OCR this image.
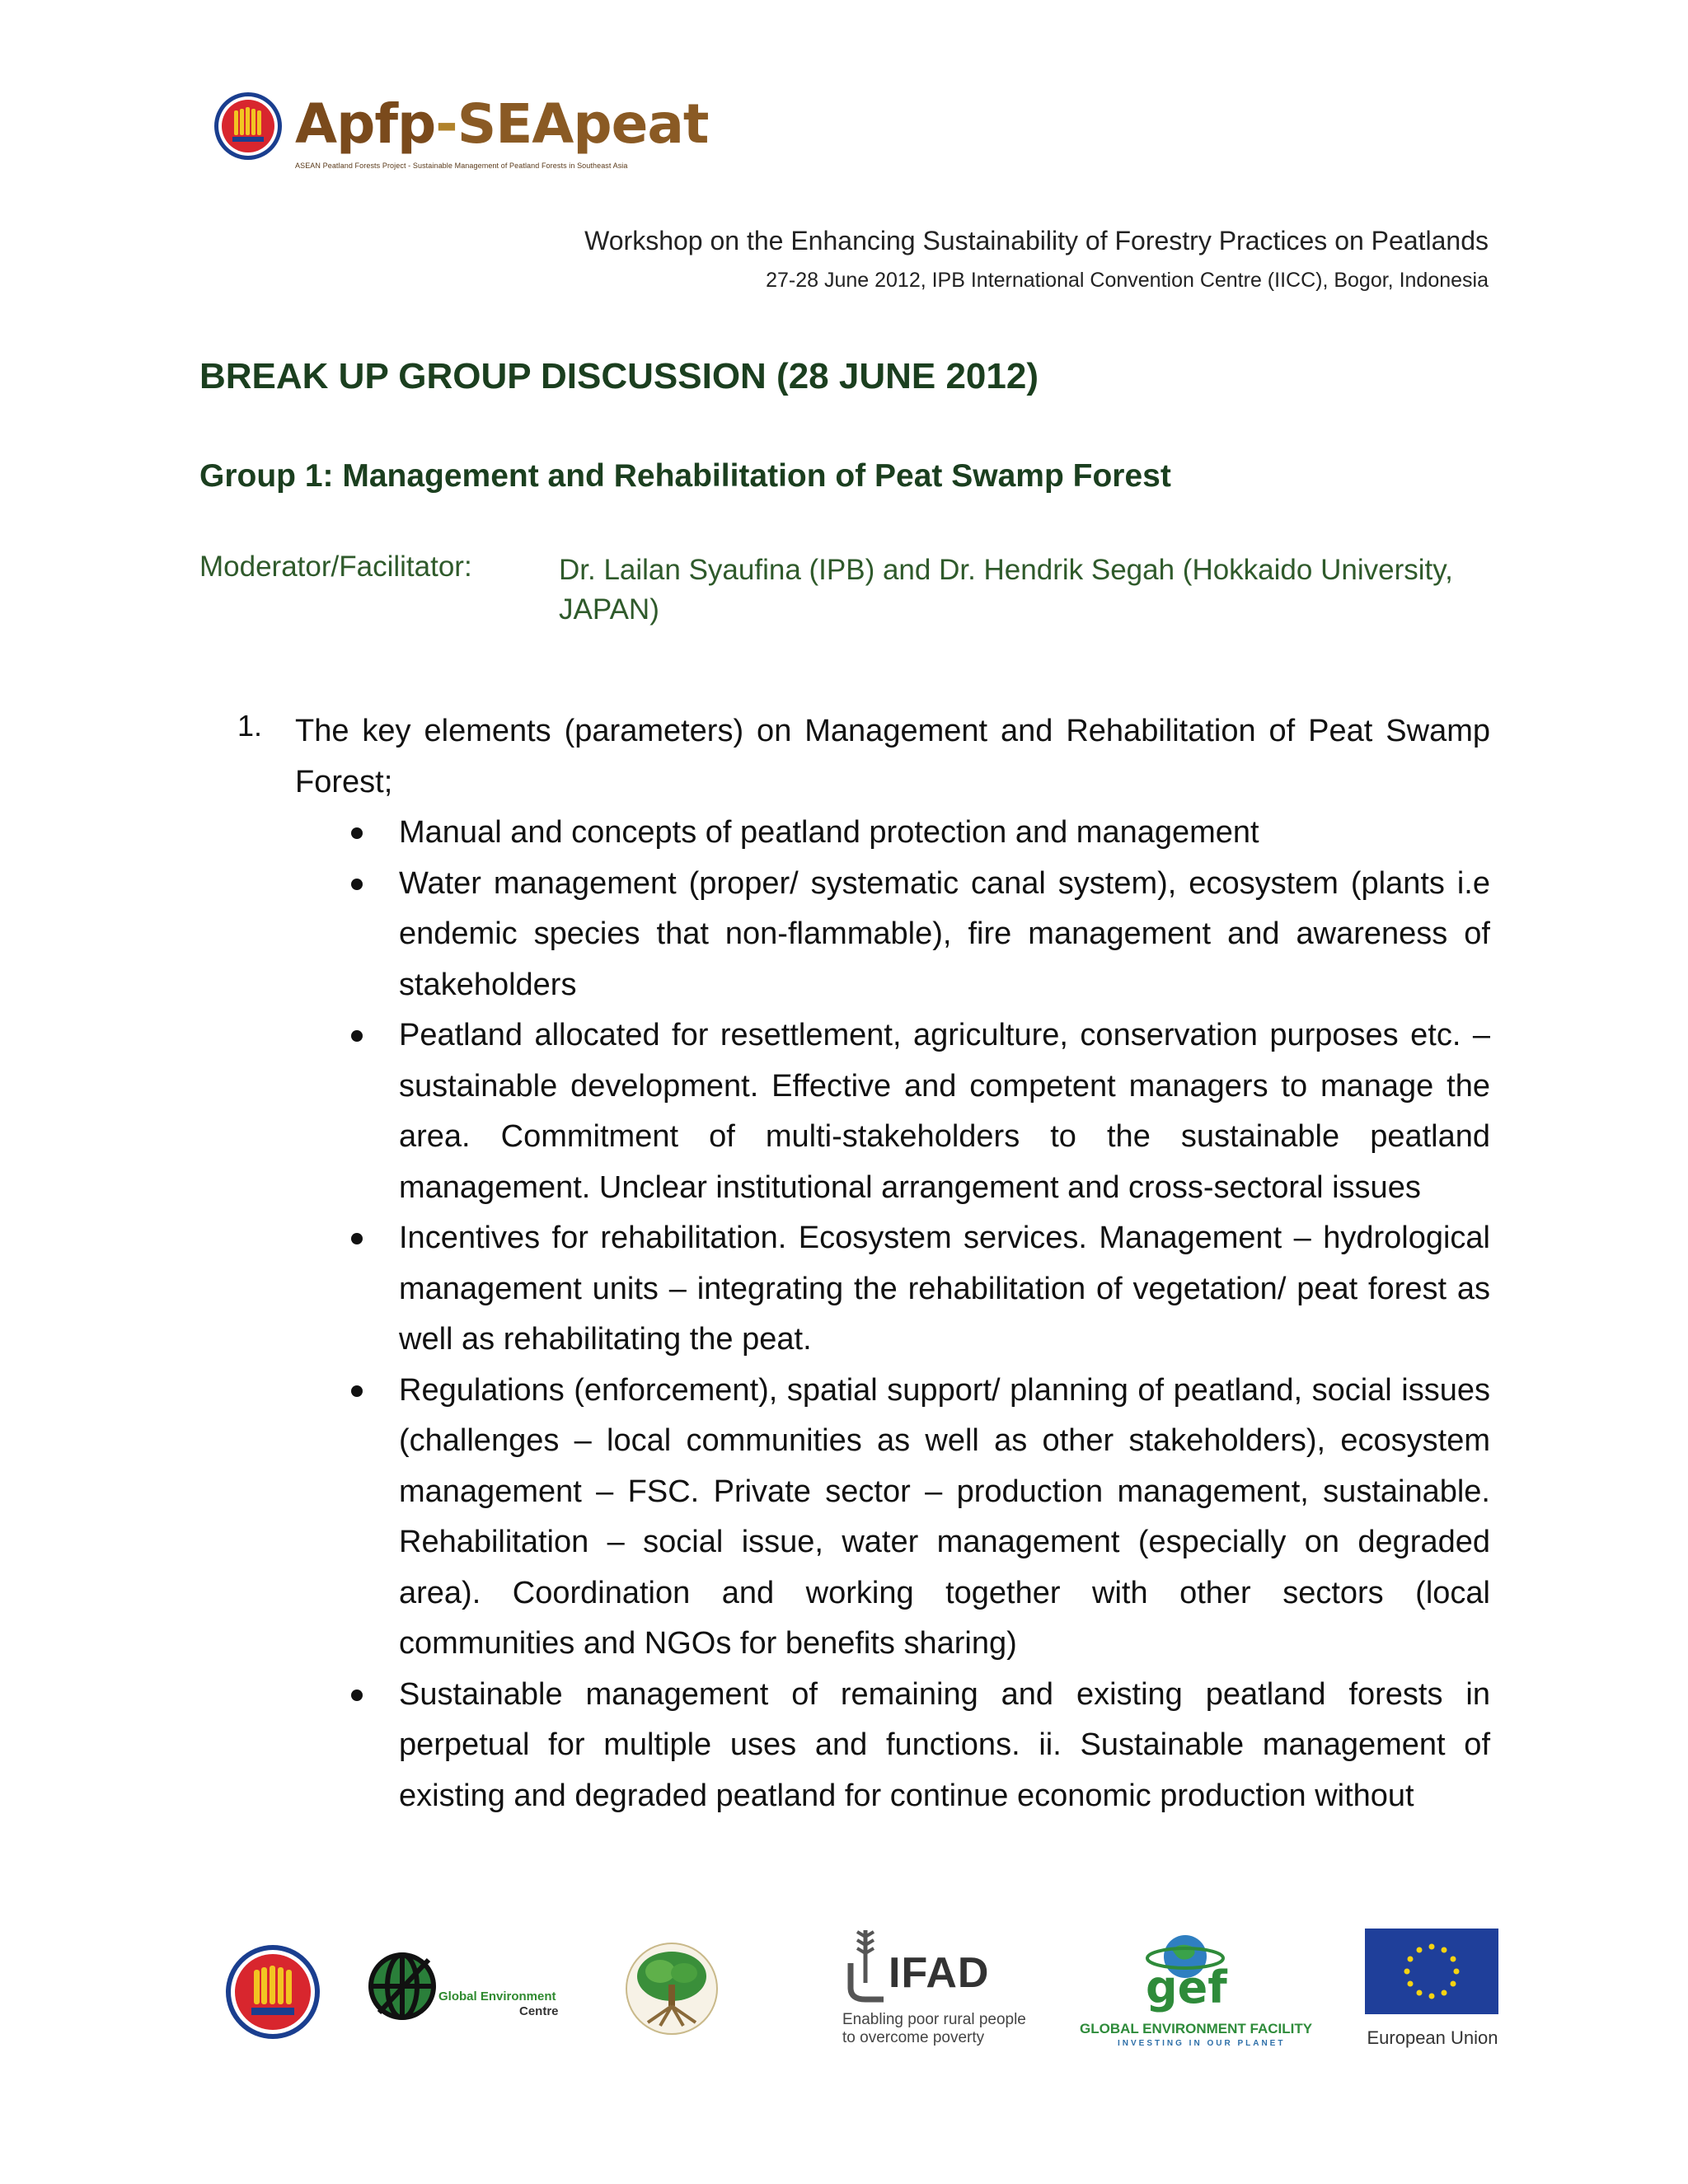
Apfp-SEApeat
ASEAN Peatland Forests Project - Sustainable Management of Peatland Forests in Southeast Asia
Workshop on the Enhancing Sustainability of Forestry Practices on Peatlands
27-28 June 2012, IPB International Convention Centre (IICC), Bogor, Indonesia
BREAK UP GROUP DISCUSSION (28 JUNE 2012)
Group 1: Management and Rehabilitation of Peat Swamp Forest
Moderator/Facilitator:	Dr. Lailan Syaufina (IPB) and Dr. Hendrik Segah (Hokkaido University, JAPAN)
1. The key elements (parameters) on Management and Rehabilitation of Peat Swamp Forest;
Manual and concepts of peatland protection and management
Water management (proper/ systematic canal system), ecosystem (plants i.e endemic species that non-flammable), fire management and awareness of stakeholders
Peatland allocated for resettlement, agriculture, conservation purposes etc. – sustainable development. Effective and competent managers to manage the area. Commitment of multi-stakeholders to the sustainable peatland management. Unclear institutional arrangement and cross-sectoral issues
Incentives for rehabilitation. Ecosystem services. Management – hydrological management units – integrating the rehabilitation of vegetation/ peat forest as well as rehabilitating the peat.
Regulations (enforcement), spatial support/ planning of peatland, social issues (challenges – local communities as well as other stakeholders), ecosystem management – FSC. Private sector – production management, sustainable. Rehabilitation – social issue, water management (especially on degraded area). Coordination and working together with other sectors (local communities and NGOs for benefits sharing)
Sustainable management of remaining and existing peatland forests in perpetual for multiple uses and functions. ii. Sustainable management of existing and degraded peatland for continue economic production without
Global Environment
Centre
IFAD
Enabling poor rural people
to overcome poverty
gef
GLOBAL ENVIRONMENT FACILITY
INVESTING IN OUR PLANET	European Union
